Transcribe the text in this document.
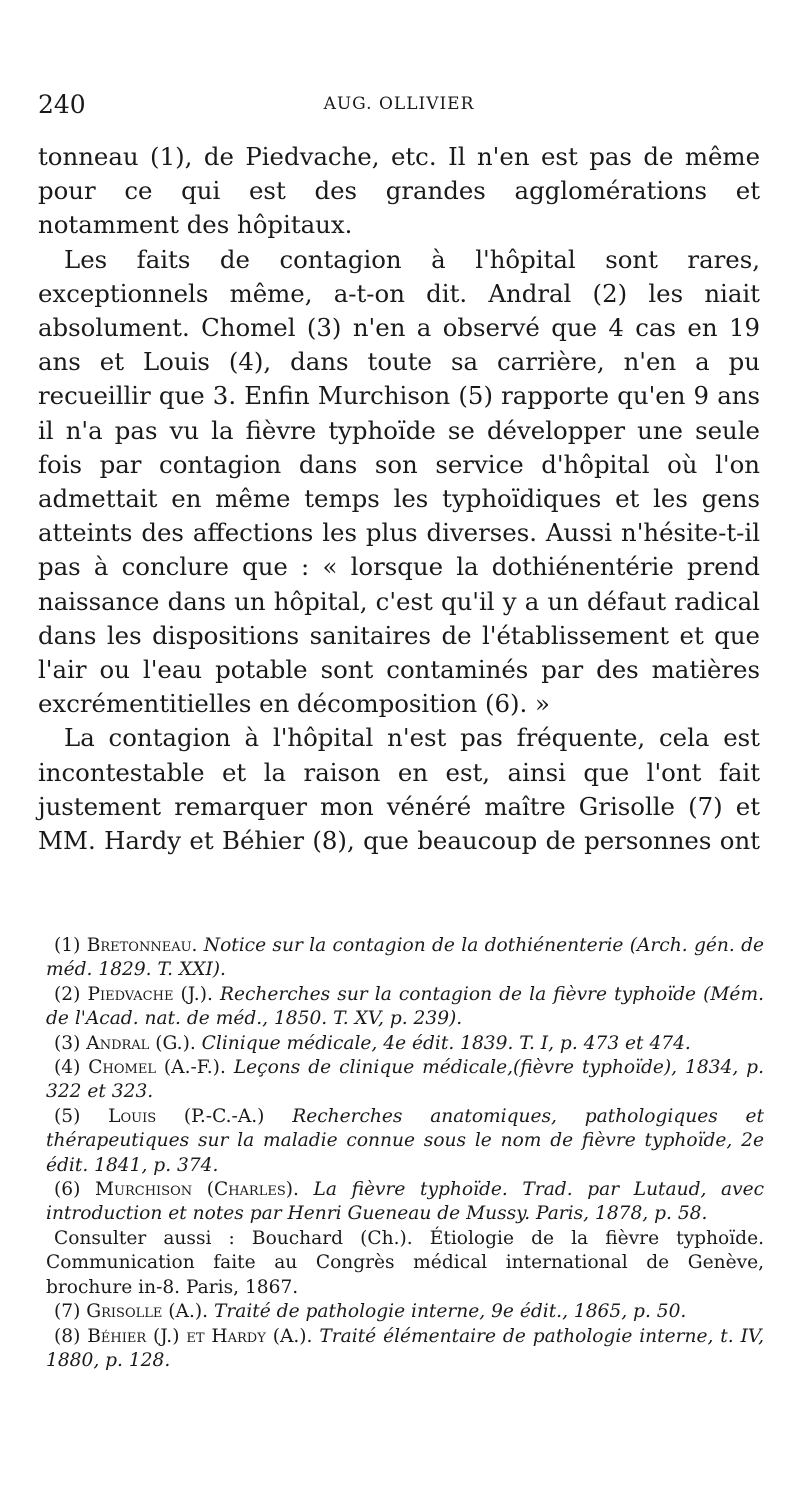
240	AUG. OLLIVIER

tonneau (1), de Piedvache, etc. Il n'en est pas de même pour ce qui est des grandes agglomérations et notamment des hôpitaux.

Les faits de contagion à l'hôpital sont rares, exceptionnels même, a-t-on dit. Andral (2) les niait absolument. Chomel (3) n'en a observé que 4 cas en 19 ans et Louis (4), dans toute sa carrière, n'en a pu recueillir que 3. Enfin Murchison (5) rapporte qu'en 9 ans il n'a pas vu la fièvre typhoïde se développer une seule fois par contagion dans son service d'hôpital où l'on admettait en même temps les typhoïdiques et les gens atteints des affections les plus diverses. Aussi n'hésite-t-il pas à conclure que : « lorsque la dothiénentérie prend naissance dans un hôpital, c'est qu'il y a un défaut radical dans les dispositions sanitaires de l'établissement et que l'air ou l'eau potable sont contaminés par des matières excrémentitielles en décomposition (6). »

La contagion à l'hôpital n'est pas fréquente, cela est incontestable et la raison en est, ainsi que l'ont fait justement remarquer mon vénéré maître Grisolle (7) et MM. Hardy et Béhier (8), que beaucoup de personnes ont

(1) Bretonneau. Notice sur la contagion de la dothiénenterie (Arch. gén. de méd. 1829. T. XXI).

(2) Piedvache (J.). Recherches sur la contagion de la fièvre typhoïde (Mém. de l'Acad. nat. de méd., 1850. T. XV, p. 239).

(3) Andral (G.). Clinique médicale, 4e édit. 1839. T. I, p. 473 et 474.

(4) Chomel (A.-F.). Leçons de clinique médicale,(fièvre typhoïde), 1834, p. 322 et 323.

(5) Louis (P.-C.-A.) Recherches anatomiques, pathologiques et thérapeutiques sur la maladie connue sous le nom de fièvre typhoïde, 2e édit. 1841, p. 374.

(6) Murchison (Charles). La fièvre typhoïde. Trad. par Lutaud, avec introduction et notes par Henri Gueneau de Mussy. Paris, 1878, p. 58.

Consulter aussi : Bouchard (Ch.). Étiologie de la fièvre typhoïde. Communication faite au Congrès médical international de Genève, brochure in-8. Paris, 1867.

(7) Grisolle (A.). Traité de pathologie interne, 9e édit., 1865, p. 50.

(8) Béhier (J.) et Hardy (A.). Traité élémentaire de pathologie interne, t. IV, 1880, p. 128.
